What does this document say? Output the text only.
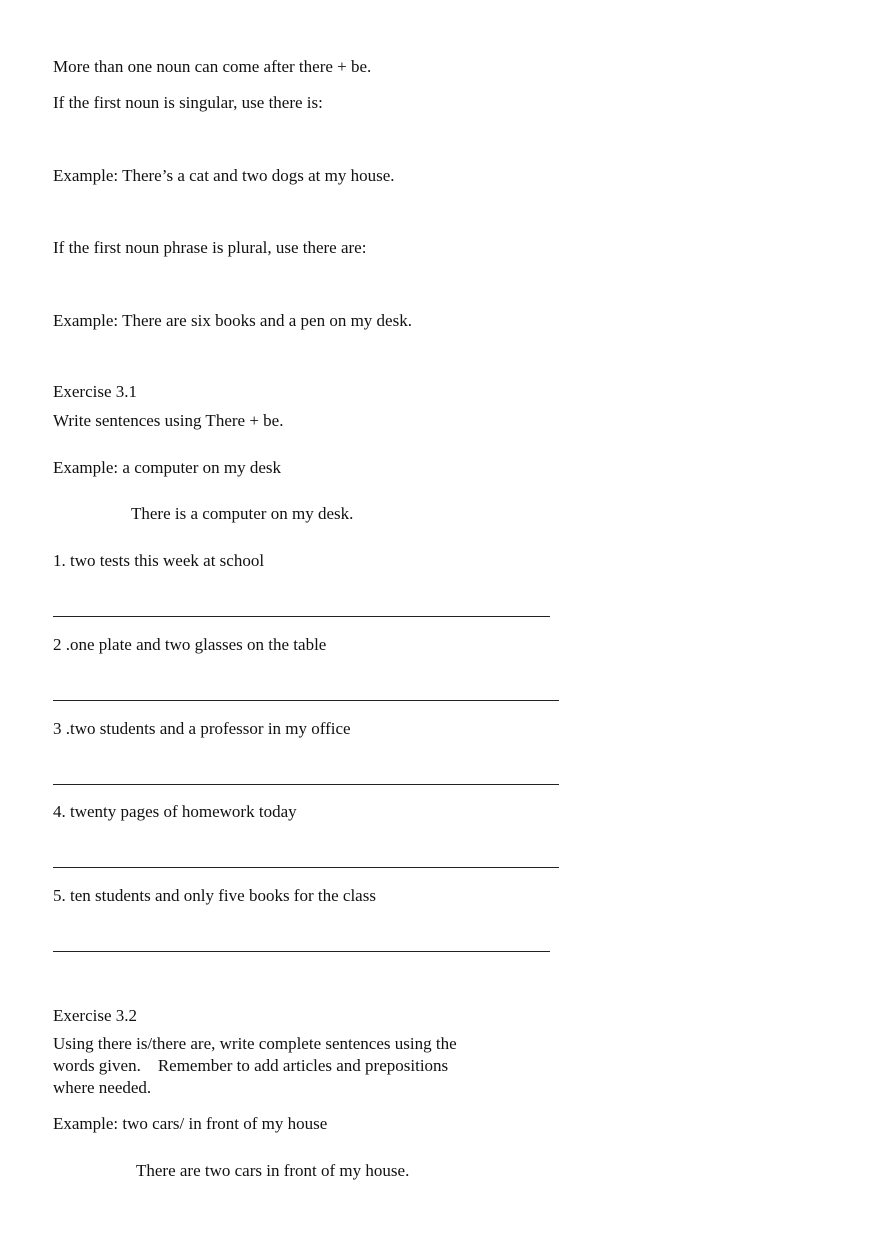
More than one noun can come after there + be.

If the first noun is singular, use there is:

Example: There’s a cat and two dogs at my house.

If the first noun phrase is plural, use there are:

Example: There are six books and a pen on my desk.

Exercise 3.1

Write sentences using There + be.

Example: a computer on my desk

There is a computer on my desk.

1. two tests this week at school

2 .one plate and two glasses on the table

3 .two students and a professor in my office

4. twenty pages of homework today

5. ten students and only five books for the class

Exercise 3.2

Using there is/there are, write complete sentences using the

words given.    Remember to add articles and prepositions

where needed.

Example: two cars/ in front of my house

There are two cars in front of my house.
